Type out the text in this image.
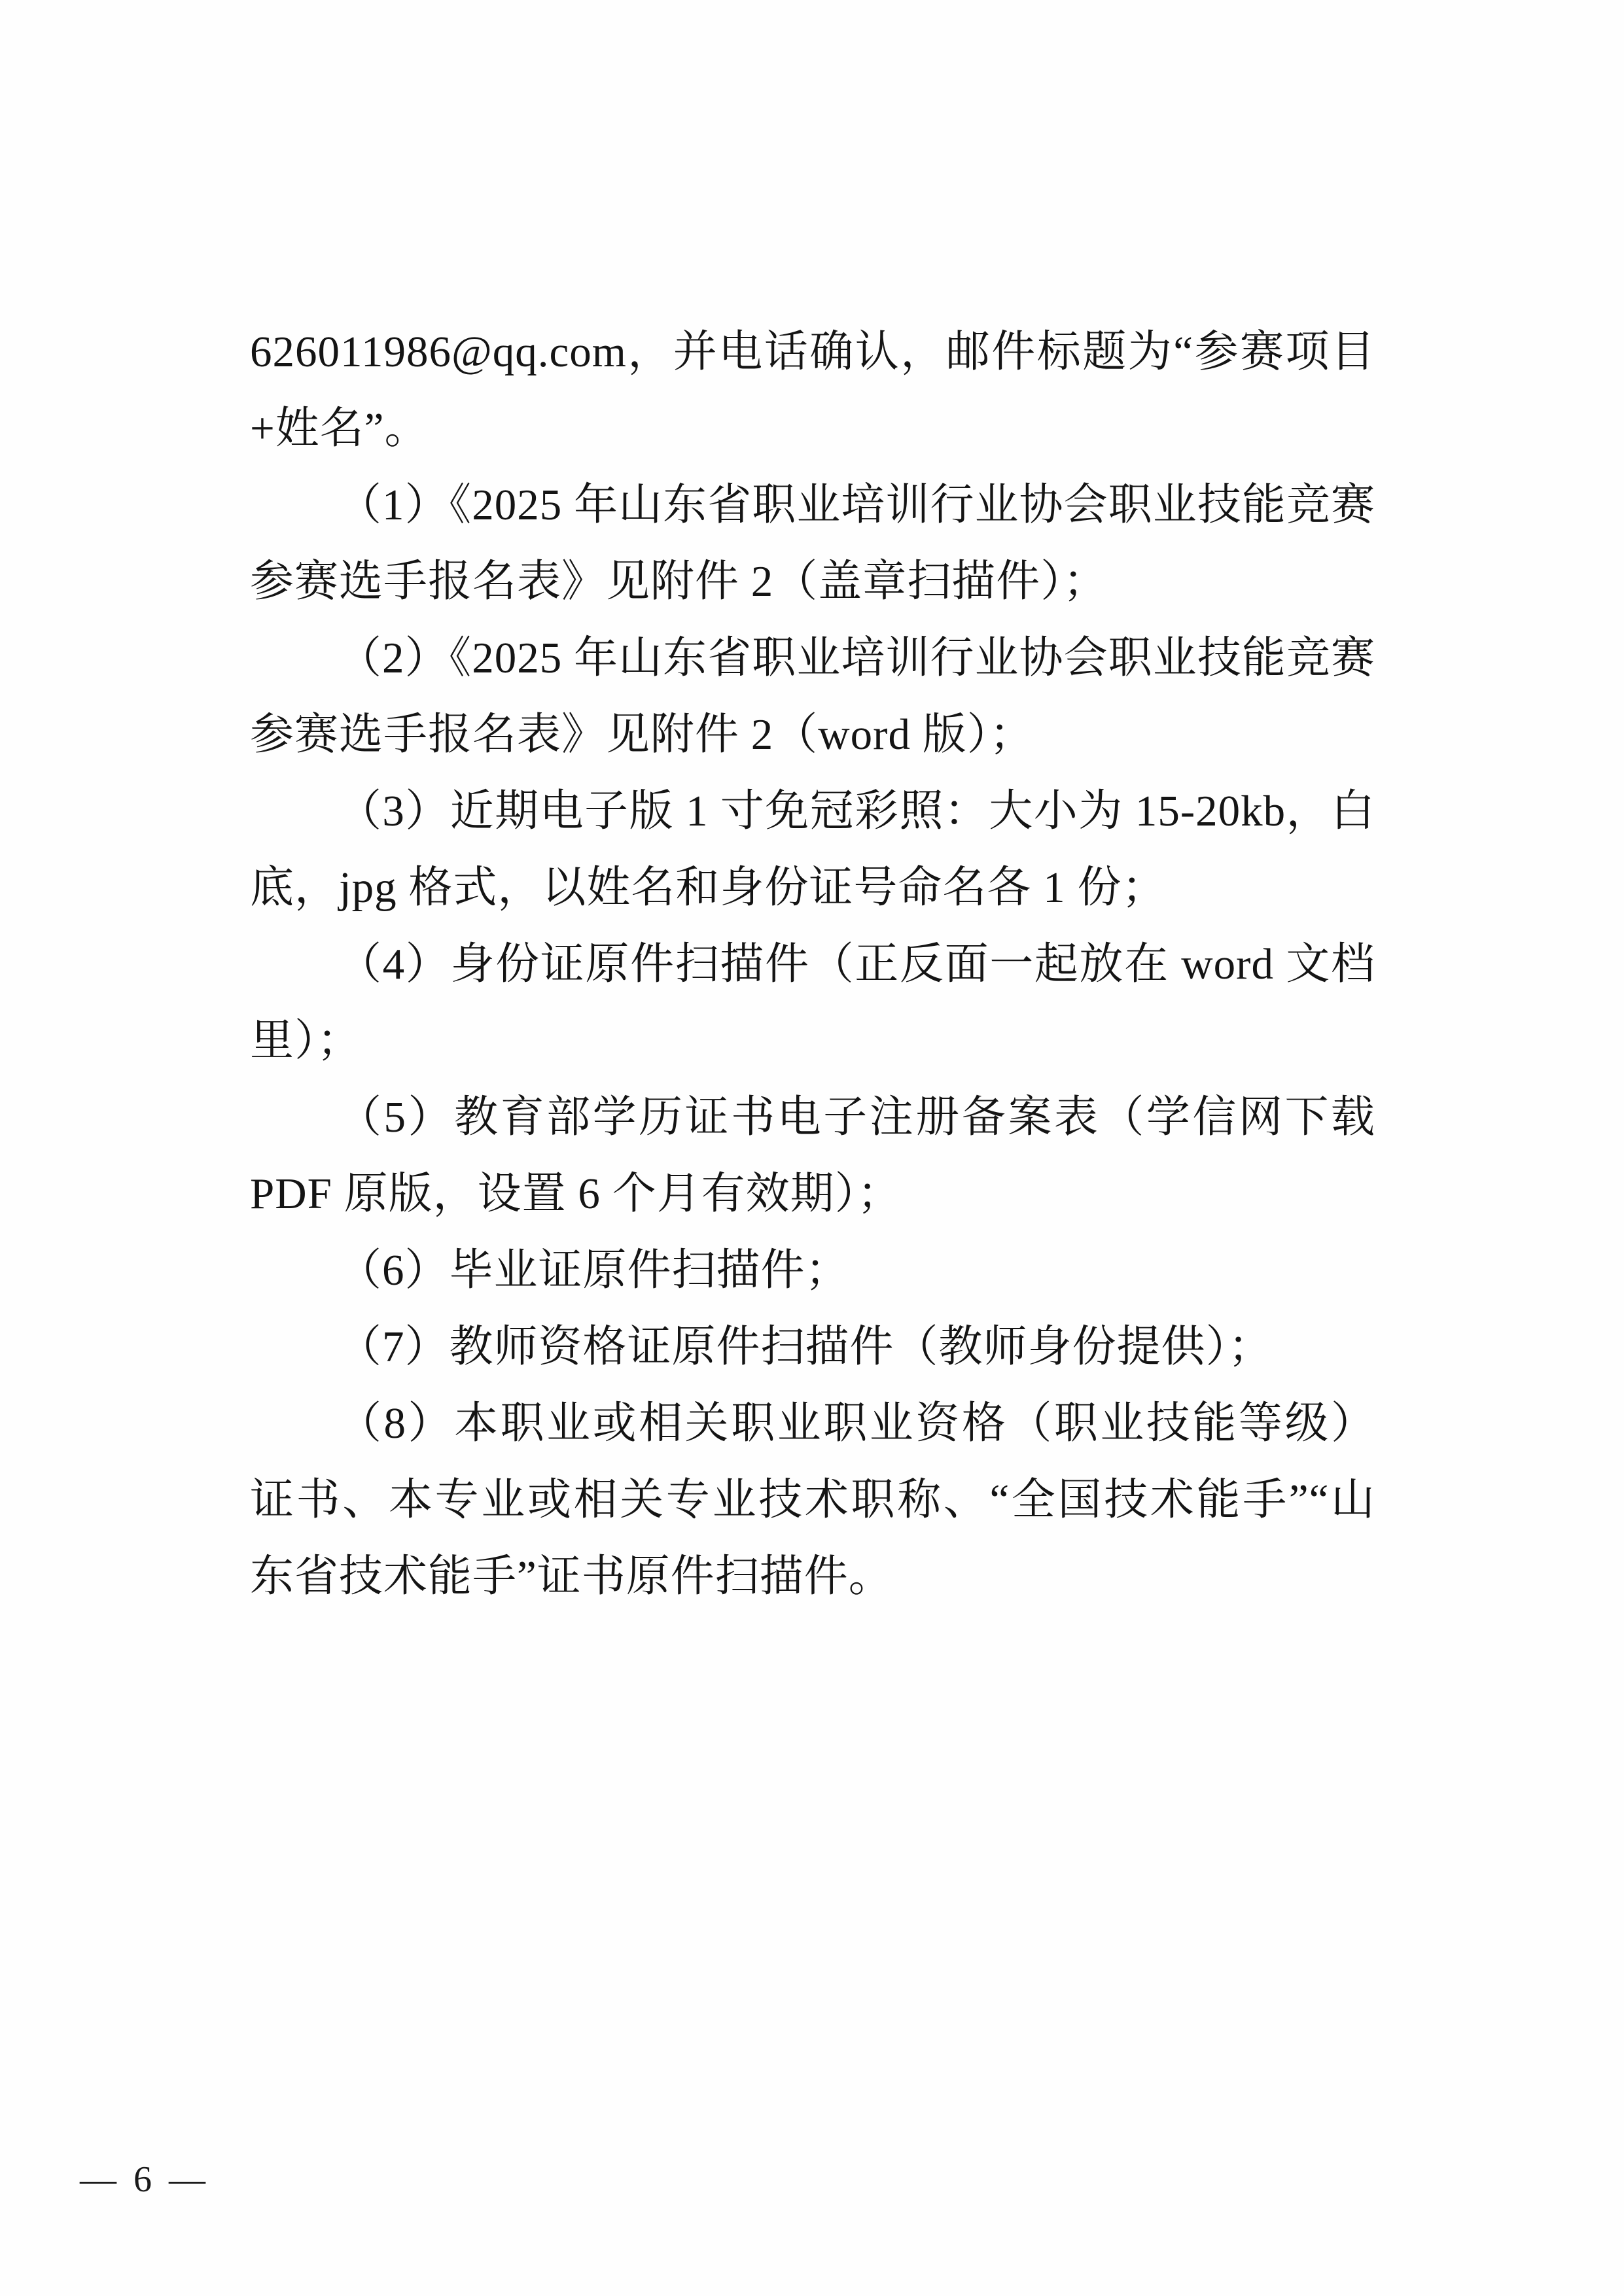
626011986@qq.com，并电话确认，邮件标题为“参赛项目+姓名”。

（1）《2025 年山东省职业培训行业协会职业技能竞赛参赛选手报名表》见附件 2（盖章扫描件）；

（2）《2025 年山东省职业培训行业协会职业技能竞赛参赛选手报名表》见附件 2（word 版）；

（3）近期电子版 1 寸免冠彩照：大小为 15-20kb，白底，jpg 格式，以姓名和身份证号命名各 1 份；

（4）身份证原件扫描件（正反面一起放在 word 文档里）；

（5）教育部学历证书电子注册备案表（学信网下载 PDF 原版，设置 6 个月有效期）；

（6）毕业证原件扫描件；

（7）教师资格证原件扫描件（教师身份提供）；

（8）本职业或相关职业职业资格（职业技能等级）证书、本专业或相关专业技术职称、“全国技术能手”“山东省技术能手”证书原件扫描件。

— 6 —
